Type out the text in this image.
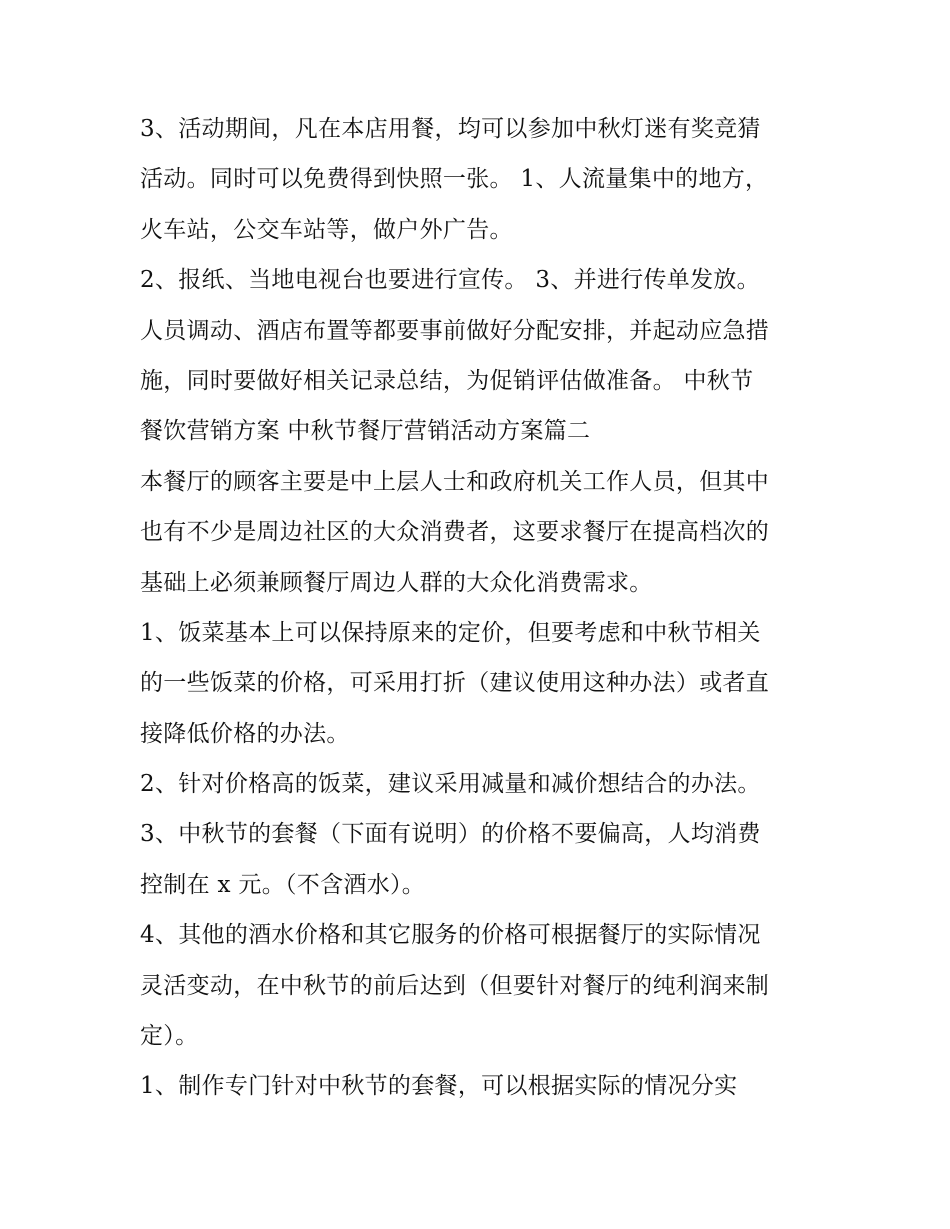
3、活动期间，凡在本店用餐，均可以参加中秋灯迷有奖竞猜
活动。同时可以免费得到快照一张。 1、人流量集中的地方，
火车站，公交车站等，做户外广告。
2、报纸、当地电视台也要进行宣传。 3、并进行传单发放。
人员调动、酒店布置等都要事前做好分配安排，并起动应急措
施，同时要做好相关记录总结，为促销评估做准备。 中秋节
餐饮营销方案 中秋节餐厅营销活动方案篇二
本餐厅的顾客主要是中上层人士和政府机关工作人员，但其中
也有不少是周边社区的大众消费者，这要求餐厅在提高档次的
基础上必须兼顾餐厅周边人群的大众化消费需求。
1、饭菜基本上可以保持原来的定价，但要考虑和中秋节相关
的一些饭菜的价格，可采用打折（建议使用这种办法）或者直
接降低价格的办法。
2、针对价格高的饭菜，建议采用减量和减价想结合的办法。
3、中秋节的套餐（下面有说明）的价格不要偏高，人均消费
控制在 x 元。（不含酒水）。
4、其他的酒水价格和其它服务的价格可根据餐厅的实际情况
灵活变动，在中秋节的前后达到（但要针对餐厅的纯利润来制
定）。
1、制作专门针对中秋节的套餐，可以根据实际的情况分实
